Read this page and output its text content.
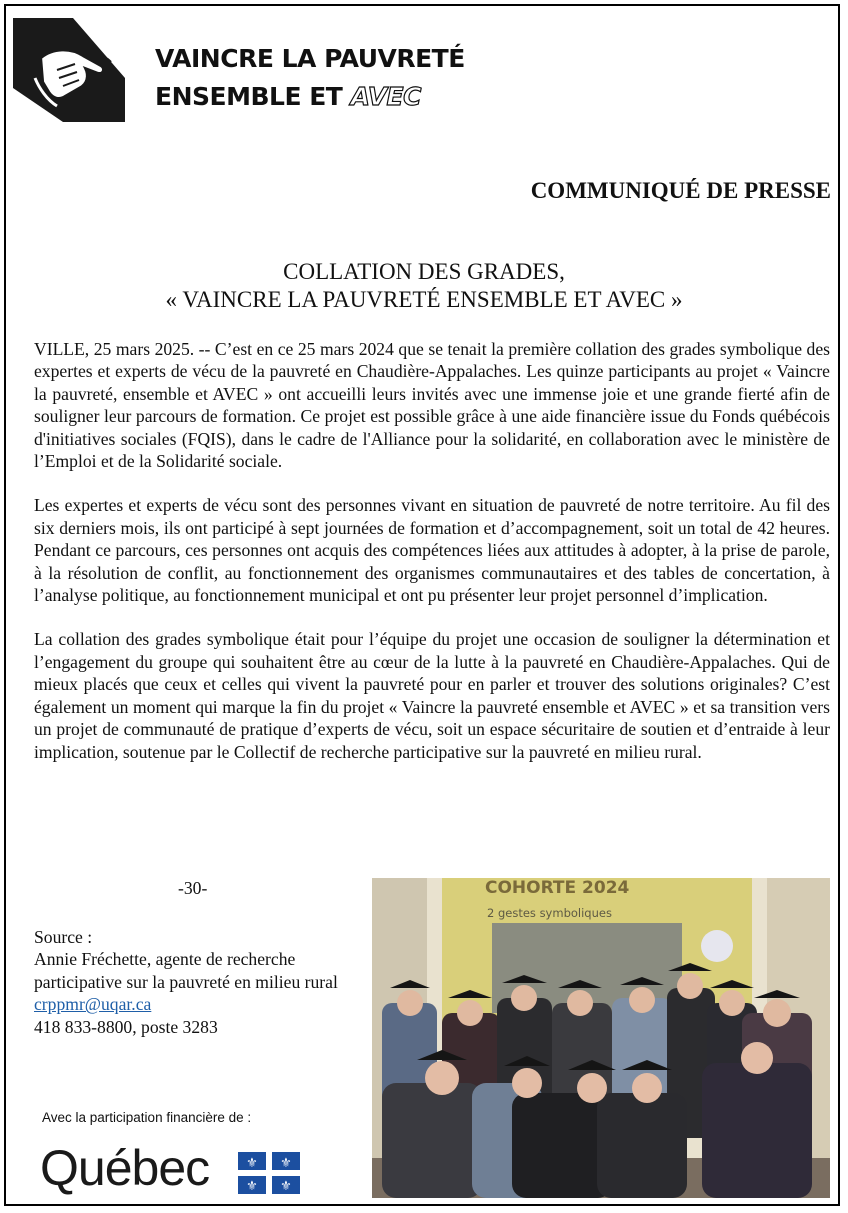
VAINCRE LA PAUVRETÉ
ENSEMBLE ET AVEC
COMMUNIQUÉ DE PRESSE
COLLATION DES GRADES,
« VAINCRE LA PAUVRETÉ ENSEMBLE ET AVEC »

VILLE, 25 mars 2025. -- C’est en ce 25 mars 2024 que se tenait la première collation des grades symbolique des expertes et experts de vécu de la pauvreté en Chaudière-Appalaches. Les quinze participants au projet « Vaincre la pauvreté, ensemble et AVEC » ont accueilli leurs invités avec une immense joie et une grande fierté afin de souligner leur parcours de formation. Ce projet est possible grâce à une aide financière issue du Fonds québécois d'initiatives sociales (FQIS), dans le cadre de l'Alliance pour la solidarité, en collaboration avec le ministère de l’Emploi et de la Solidarité sociale.

Les expertes et experts de vécu sont des personnes vivant en situation de pauvreté de notre territoire. Au fil des six derniers mois, ils ont participé à sept journées de formation et d’accompagnement, soit un total de 42 heures. Pendant ce parcours, ces personnes ont acquis des compétences liées aux attitudes à adopter, à la prise de parole, à la résolution de conflit, au fonctionnement des organismes communautaires et des tables de concertation, à l’analyse politique, au fonctionnement municipal et ont pu présenter leur projet personnel d’implication.

La collation des grades symbolique était pour l’équipe du projet une occasion de souligner la détermination et l’engagement du groupe qui souhaitent être au cœur de la lutte à la pauvreté en Chaudière-Appalaches. Qui de mieux placés que ceux et celles qui vivent la pauvreté pour en parler et trouver des solutions originales? C’est également un moment qui marque la fin du projet « Vaincre la pauvreté ensemble et AVEC » et sa transition vers un projet de communauté de pratique d’experts de vécu, soit un espace sécuritaire de soutien et d’entraide à leur implication, soutenue par le Collectif de recherche participative sur la pauvreté en milieu rural.

-30-
Source :
Annie Fréchette, agente de recherche participative sur la pauvreté en milieu rural
crppmr@uqar.ca
418 833-8800, poste 3283
Avec la participation financière de :
Québec	⚜ ⚜
⚜ ⚜
COHORTE 2024
2 gestes symboliques
